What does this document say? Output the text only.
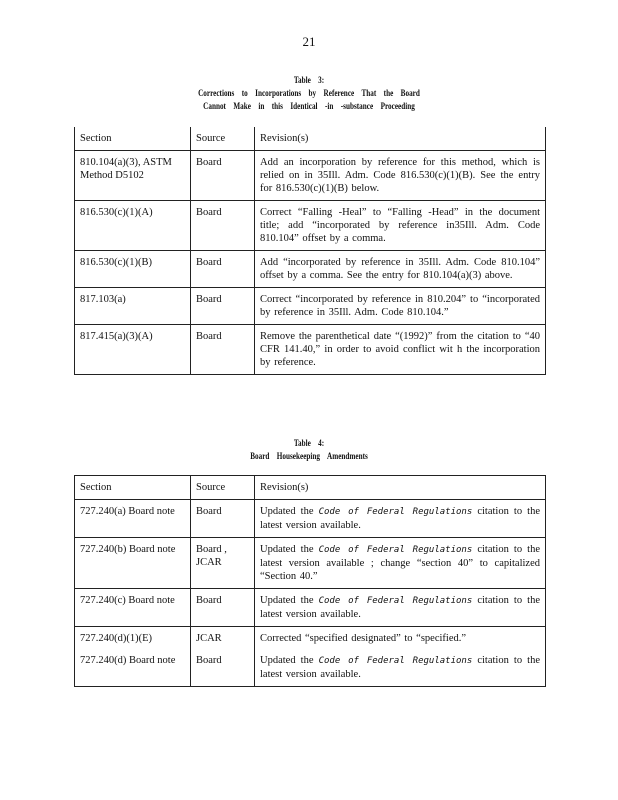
21
Table 3:
Corrections to Incorporations by Reference That the Board
Cannot Make in this Identical -in -substance Proceeding
Section	Source	Revision(s)
810.104(a)(3), ASTM Method D5102	Board	Add an incorporation by reference for this method, which is relied on in 35Ill. Adm. Code 816.530(c)(1)(B). See the entry for 816.530(c)(1)(B) below.
816.530(c)(1)(A)	Board	Correct “Falling -Heal” to “Falling -Head” in the document title; add “incorporated by reference in35Ill. Adm. Code 810.104” offset by a comma.
816.530(c)(1)(B)	Board	Add “incorporated by reference in 35Ill. Adm. Code 810.104” offset by a comma. See the entry for 810.104(a)(3) above.
817.103(a)	Board	Correct “incorporated by reference in 810.204” to “incorporated by reference in 35Ill. Adm. Code 810.104.”
817.415(a)(3)(A)	Board	Remove the parenthetical date “(1992)” from the citation to “40 CFR 141.40,” in order to avoid conflict wit h the incorporation by reference.
Table 4:
Board Housekeeping Amendments
Section	Source	Revision(s)
727.240(a) Board note	Board	Updated the Code of Federal Regulations citation to the latest version available.
727.240(b) Board note	Board , JCAR	Updated the Code of Federal Regulations citation to the latest version available ; change “section 40” to capitalized “Section 40.”
727.240(c) Board note	Board	Updated the Code of Federal Regulations citation to the latest version available.
727.240(d)(1)(E)	JCAR	Corrected “specified designated” to “specified.”
727.240(d) Board note	Board	Updated the Code of Federal Regulations citation to the latest version available.
